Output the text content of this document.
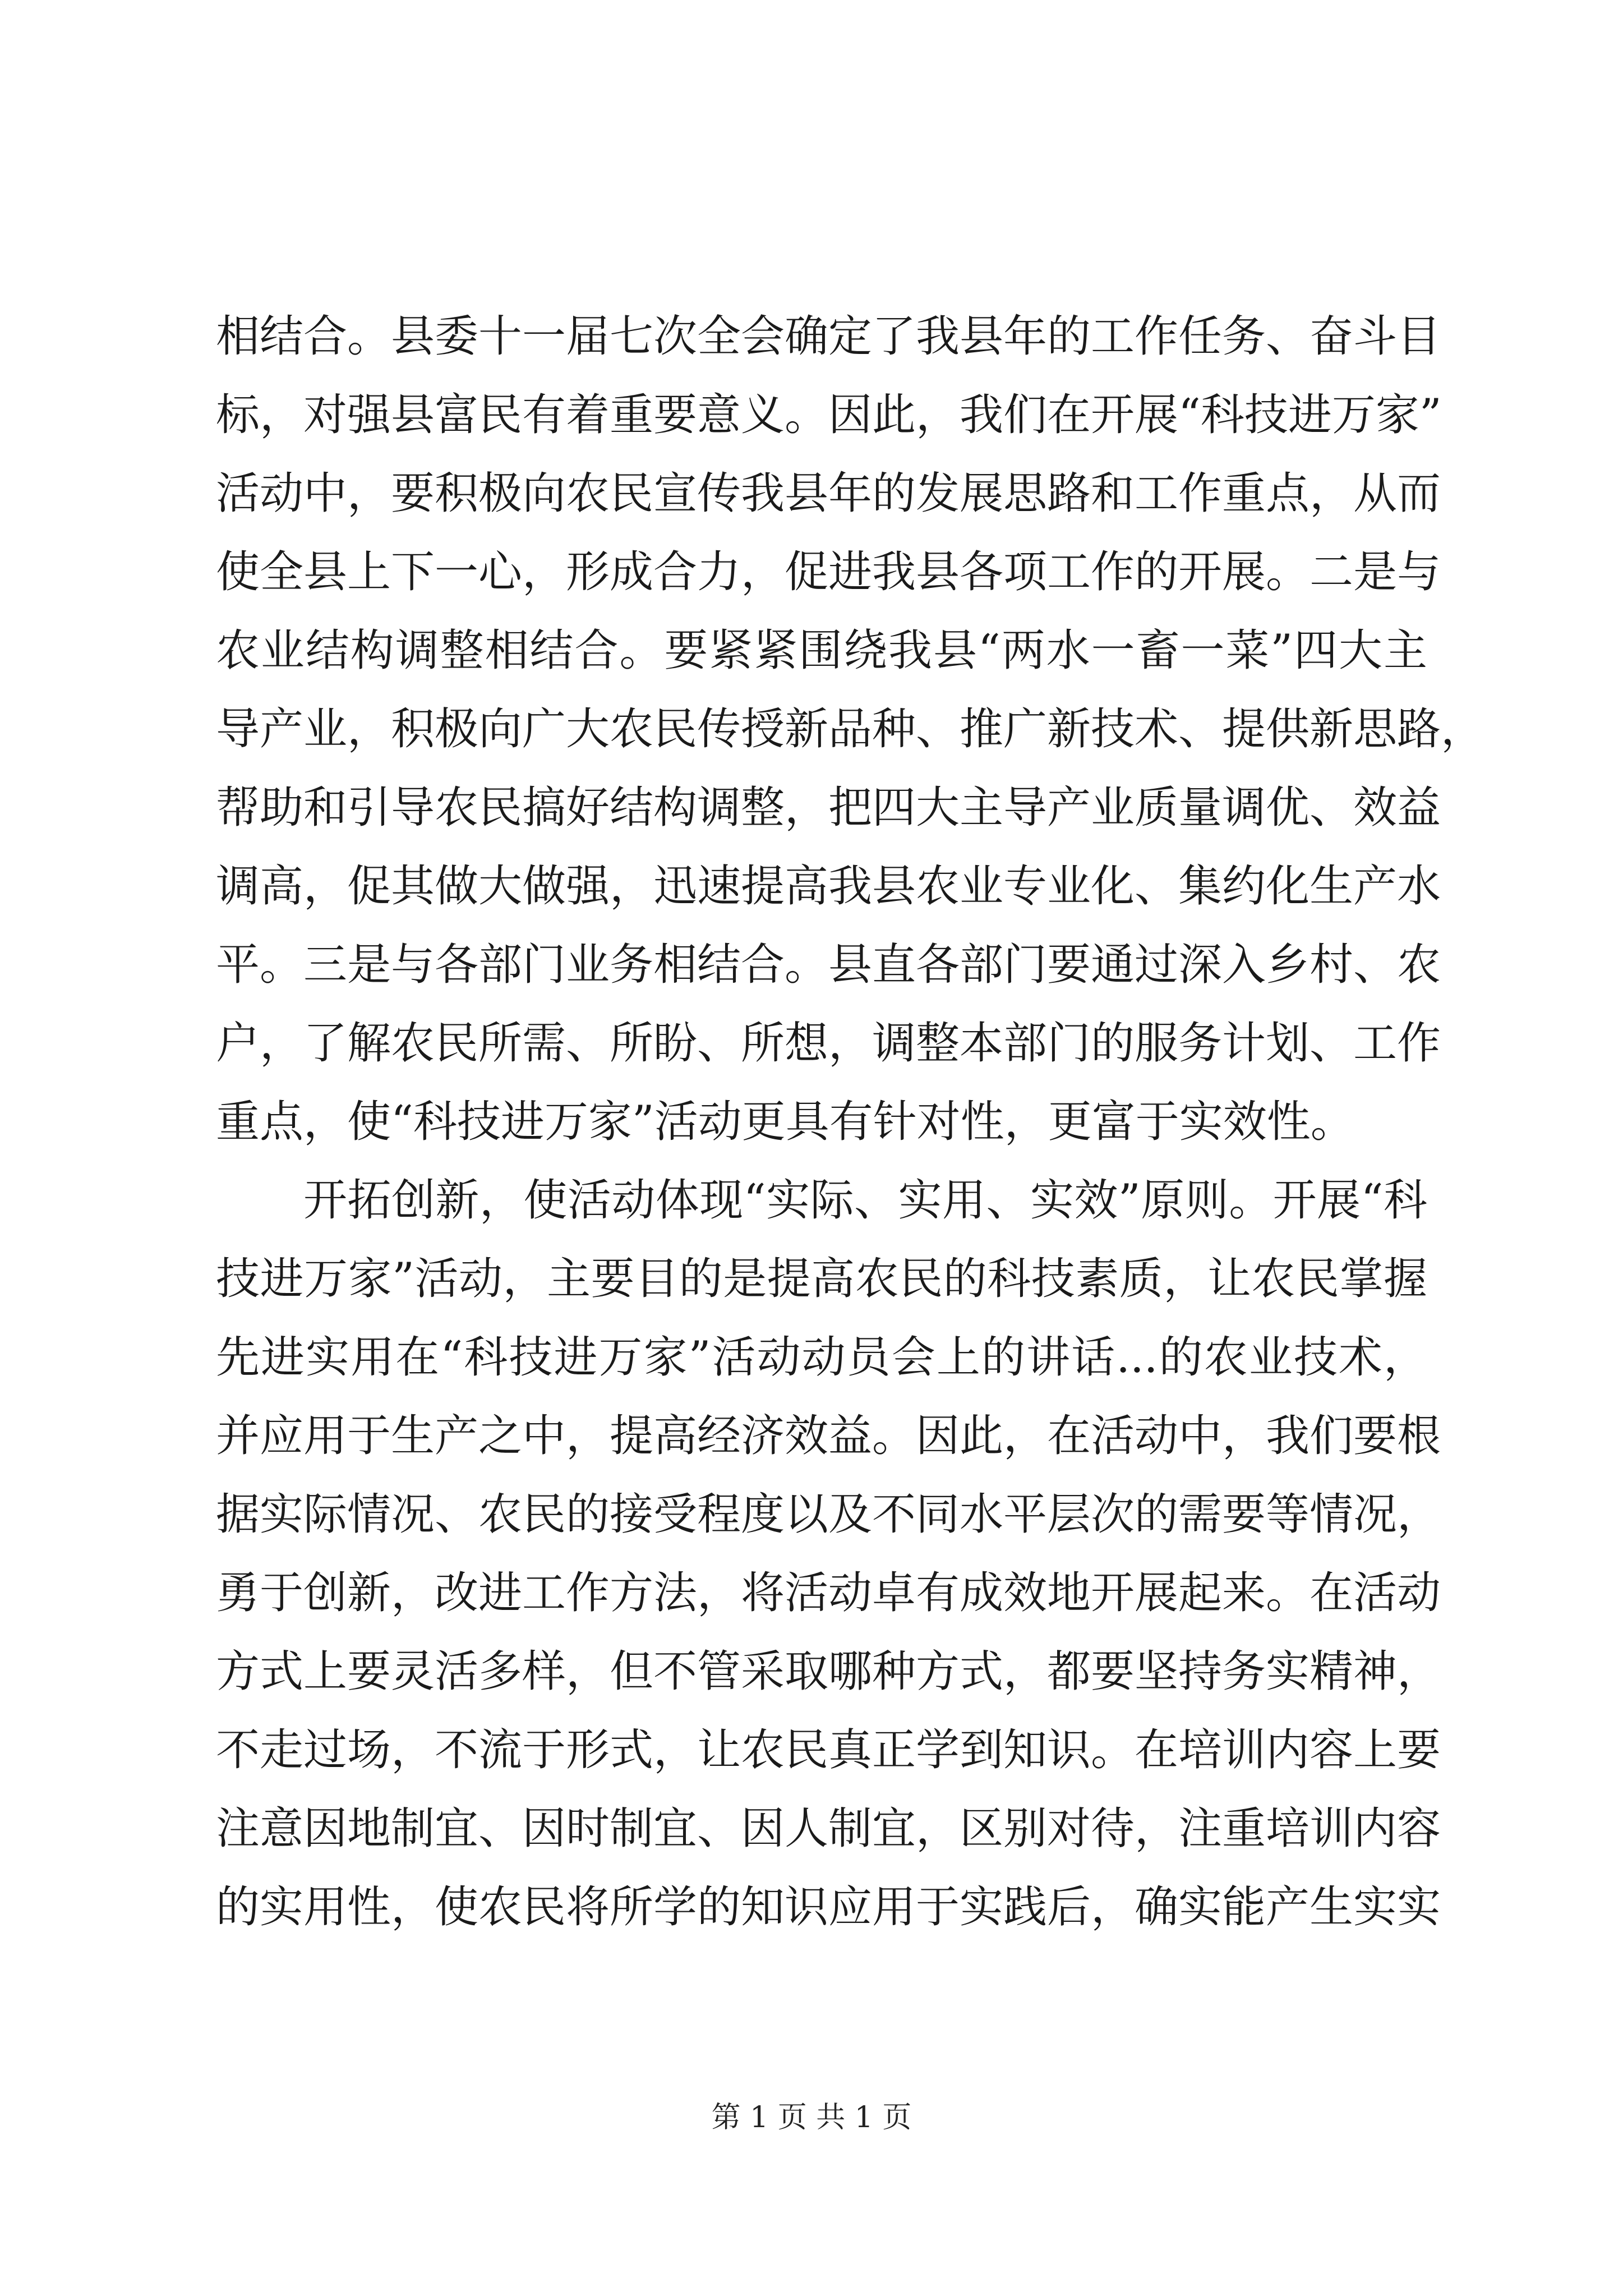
相结合。县委十一届七次全会确定了我县年的工作任务、奋斗目
标，对强县富民有着重要意义。因此，我们在开展“科技进万家”
活动中，要积极向农民宣传我县年的发展思路和工作重点，从而
使全县上下一心，形成合力，促进我县各项工作的开展。二是与
农业结构调整相结合。要紧紧围绕我县“两水一畜一菜”四大主
导产业，积极向广大农民传授新品种、推广新技术、提供新思路，
帮助和引导农民搞好结构调整，把四大主导产业质量调优、效益
调高，促其做大做强，迅速提高我县农业专业化、集约化生产水
平。三是与各部门业务相结合。县直各部门要通过深入乡村、农
户，了解农民所需、所盼、所想，调整本部门的服务计划、工作
重点，使“科技进万家”活动更具有针对性，更富于实效性。
开拓创新，使活动体现“实际、实用、实效”原则。开展“科
技进万家”活动，主要目的是提高农民的科技素质，让农民掌握
先进实用在“科技进万家”活动动员会上的讲话...的农业技术，
并应用于生产之中，提高经济效益。因此，在活动中，我们要根
据实际情况、农民的接受程度以及不同水平层次的需要等情况，
勇于创新，改进工作方法，将活动卓有成效地开展起来。在活动
方式上要灵活多样，但不管采取哪种方式，都要坚持务实精神，
不走过场，不流于形式，让农民真正学到知识。在培训内容上要
注意因地制宜、因时制宜、因人制宜，区别对待，注重培训内容
的实用性，使农民将所学的知识应用于实践后，确实能产生实实
第 1 页 共 1 页
